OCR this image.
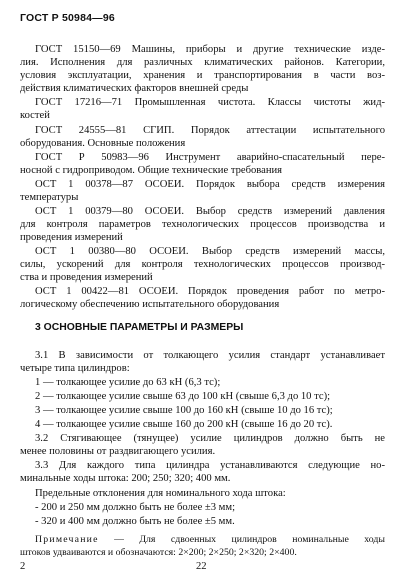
ГОСТ Р 50984—96
ГОСТ 15150—69 Машины, приборы и другие технические изде-
лия. Исполнения для различных климатических районов. Категории,
условия эксплуатации, хранения и транспортирования в части воз-
действия климатических факторов внешней среды
ГОСТ 17216—71 Промышленная чистота. Классы чистоты жид-
костей
ГОСТ 24555—81 СГИП. Порядок аттестации испытательного
оборудования. Основные положения
ГОСТ Р 50983—96 Инструмент аварийно-спасательный пере-
носной с гидроприводом. Общие технические требования
ОСТ 1 00378—87 ОСОЕИ. Порядок выбора средств измерения
температуры
ОСТ 1 00379—80 ОСОЕИ. Выбор средств измерений давления
для контроля параметров технологических процессов производства и
проведения измерений
ОСТ 1 00380—80 ОСОЕИ. Выбор средств измерений массы,
силы, ускорений для контроля технологических процессов производ-
ства и проведения измерений
ОСТ 1 00422—81 ОСОЕИ. Порядок проведения работ по метро-
логическому обеспечению испытательного оборудования
3 ОСНОВНЫЕ ПАРАМЕТРЫ И РАЗМЕРЫ
3.1 В зависимости от толкающего усилия стандарт устанавливает
четыре типа цилиндров:
1 — толкающее усилие до 63 кН (6,3 тс);
2 — толкающее усилие свыше 63 до 100 кН (свыше 6,3 до 10 тс);
3 — толкающее усилие свыше 100 до 160 кН (свыше 10 до 16 тс);
4 — толкающее усилие свыше 160 до 200 кН (свыше 16 до 20 тс).
3.2 Стягивающее (тянущее) усилие цилиндров должно быть не
менее половины от раздвигающего усилия.
3.3 Для каждого типа цилиндра устанавливаются следующие но-
минальные ходы штока: 200; 250; 320; 400 мм.
Предельные отклонения для номинального хода штока:
- 200 и 250 мм должно быть не более ±3 мм;
- 320 и 400 мм должно быть не более ±5 мм.
Примечание — Для сдвоенных цилиндров номинальные ходы
штоков удваиваются и обозначаются: 2×200; 2×250; 2×320; 2×400.
2	22
